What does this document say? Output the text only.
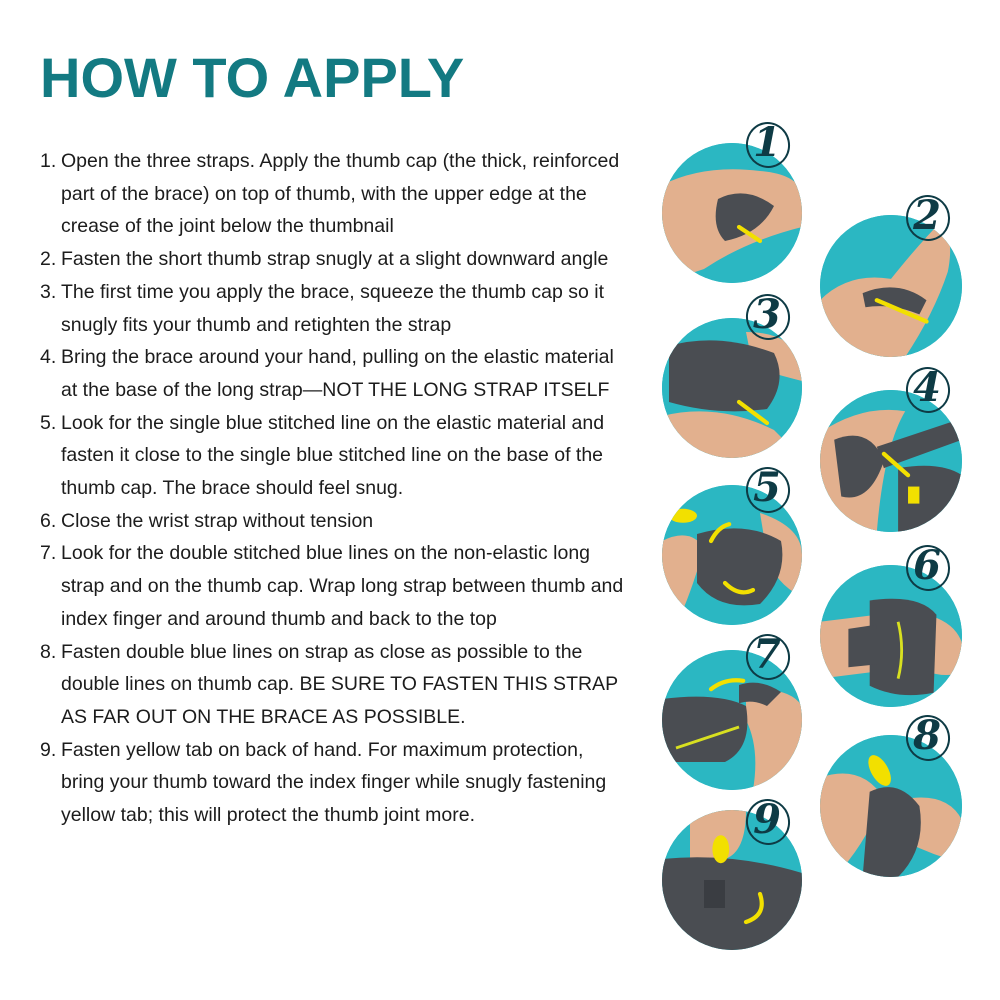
HOW TO APPLY
1. Open the three straps. Apply the thumb cap (the thick, reinforced part of the brace) on top of thumb, with the upper edge at the crease of the joint below the thumbnail
2. Fasten the short thumb strap snugly at a slight downward angle
3. The first time you apply the brace, squeeze the thumb cap so it snugly fits your thumb and retighten the strap
4. Bring the brace around your hand, pulling on the elastic material at the base of the long strap—NOT THE LONG STRAP ITSELF
5. Look for the single blue stitched line on the elastic material and fasten it close to the single blue stitched line on the base of the thumb cap. The brace should feel snug.
6. Close the wrist strap without tension
7. Look for the double stitched blue lines on the non-elastic long strap and on the thumb cap. Wrap long strap between thumb and index finger and around thumb and back to the top
8. Fasten double blue lines on strap as close as possible to the double lines on thumb cap. BE SURE TO FASTEN THIS STRAP AS FAR OUT ON THE BRACE AS POSSIBLE.
9. Fasten yellow tab on back of hand. For maximum protection, bring your thumb toward the index finger while snugly fastening yellow tab; this will protect the thumb joint more.
1
2
3
4
5
6
7
8
9
